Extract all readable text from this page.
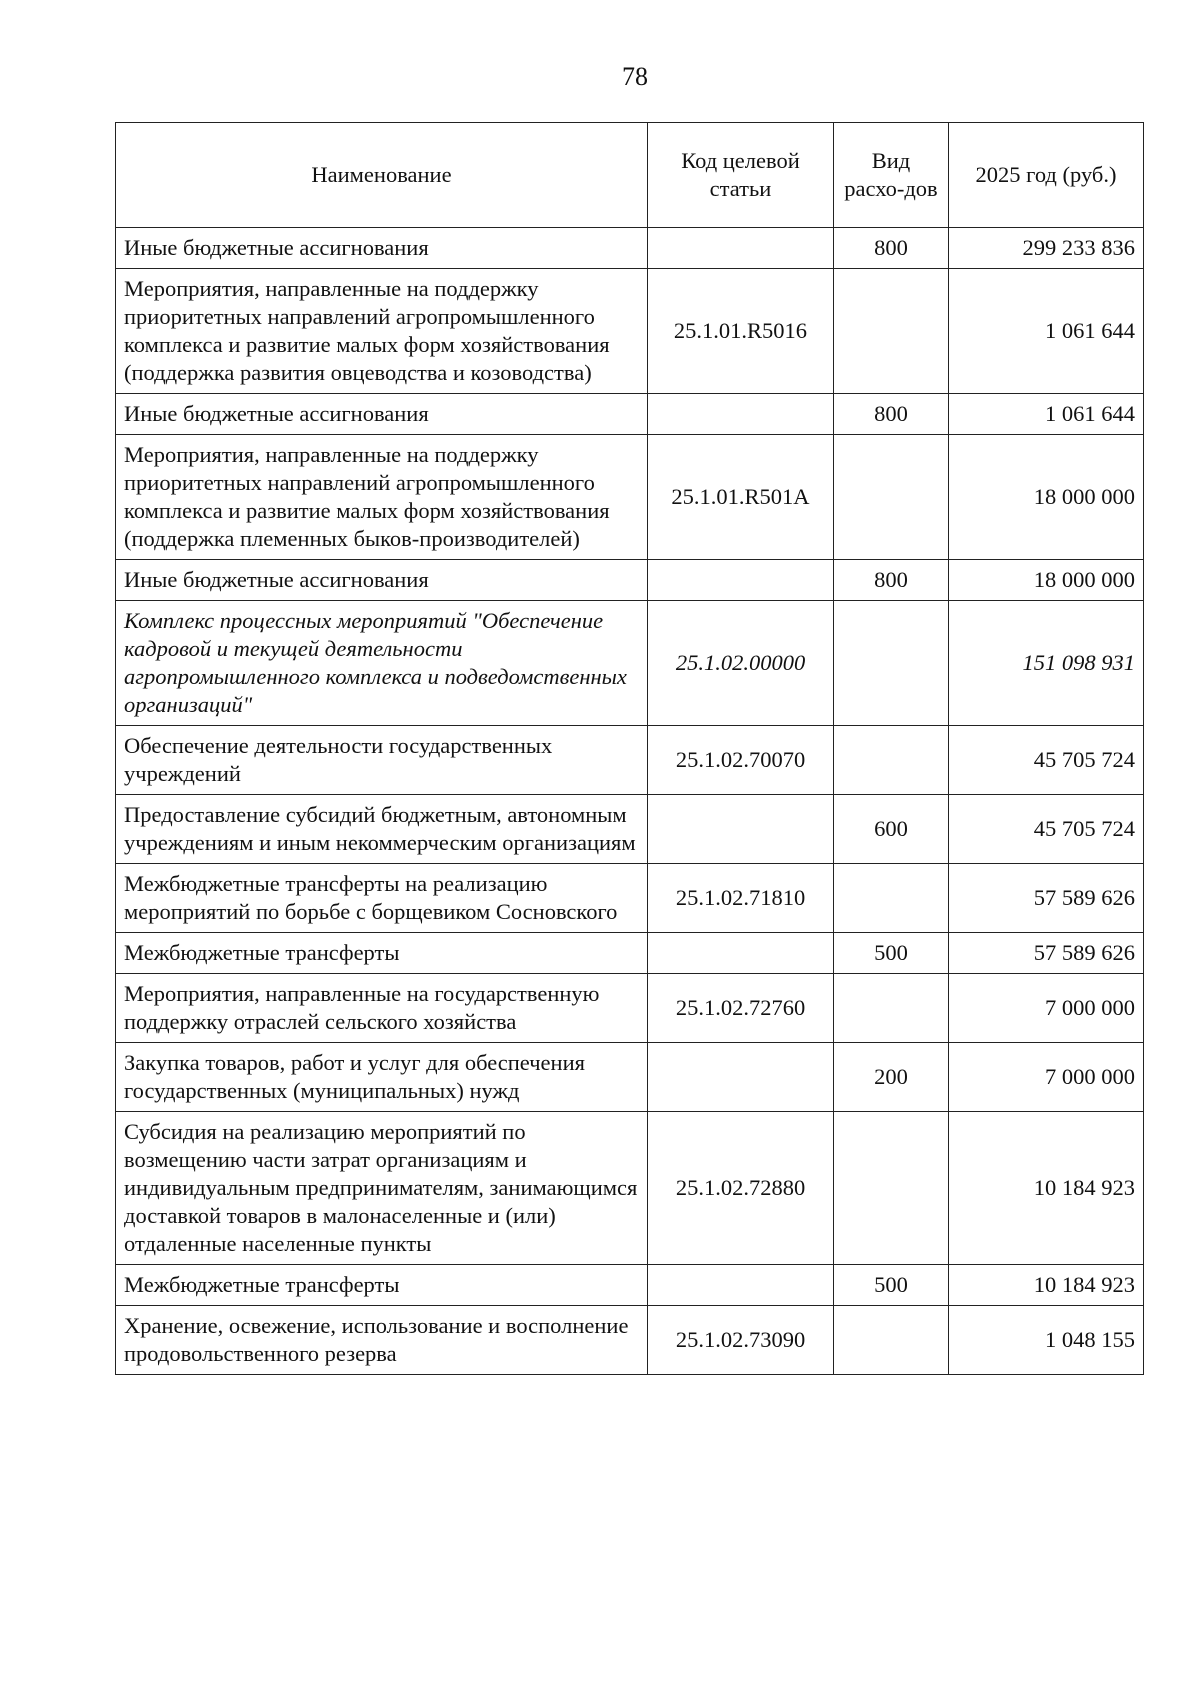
78
Наименование	Код целевой статьи	Вид расхо-дов	2025 год (руб.)
Иные бюджетные ассигнования		800	299 233 836
Мероприятия, направленные на поддержку приоритетных направлений агропромышленного комплекса и развитие малых форм хозяйствования (поддержка развития овцеводства и козоводства)	25.1.01.R5016		1 061 644
Иные бюджетные ассигнования		800	1 061 644
Мероприятия, направленные на поддержку приоритетных направлений агропромышленного комплекса и развитие малых форм хозяйствования (поддержка племенных быков-производителей)	25.1.01.R501A		18 000 000
Иные бюджетные ассигнования		800	18 000 000
Комплекс процессных мероприятий "Обеспечение кадровой и текущей деятельности агропромышленного комплекса и подведомственных организаций"	25.1.02.00000		151 098 931
Обеспечение деятельности государственных учреждений	25.1.02.70070		45 705 724
Предоставление субсидий бюджетным, автономным учреждениям и иным некоммерческим организациям		600	45 705 724
Межбюджетные трансферты на реализацию мероприятий по борьбе с борщевиком Сосновского	25.1.02.71810		57 589 626
Межбюджетные трансферты		500	57 589 626
Мероприятия, направленные на государственную поддержку отраслей сельского хозяйства	25.1.02.72760		7 000 000
Закупка товаров, работ и услуг для обеспечения государственных (муниципальных) нужд		200	7 000 000
Субсидия на реализацию мероприятий по возмещению части затрат организациям и индивидуальным предпринимателям, занимающимся доставкой товаров в малонаселенные и (или) отдаленные населенные пункты	25.1.02.72880		10 184 923
Межбюджетные трансферты		500	10 184 923
Хранение, освежение, использование и восполнение продовольственного резерва	25.1.02.73090		1 048 155
